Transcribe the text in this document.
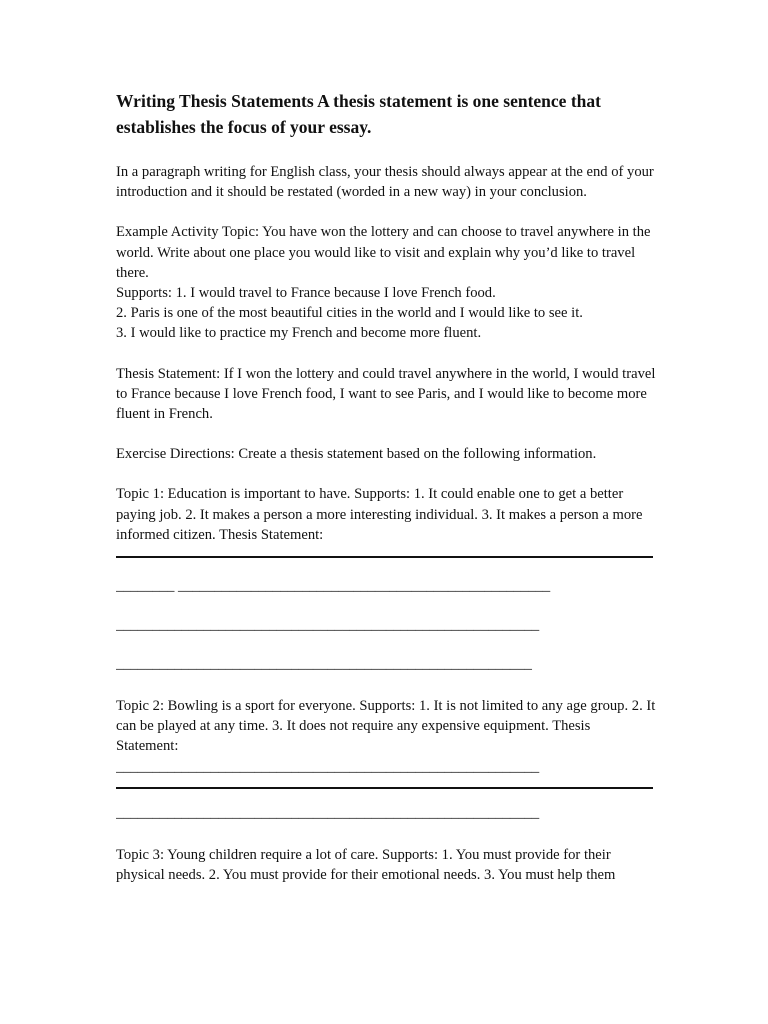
Writing Thesis Statements A thesis statement is one sentence that establishes the focus of your essay.

In a paragraph writing for English class, your thesis should always appear at the end of your introduction and it should be restated (worded in a new way) in your conclusion.

Example Activity Topic: You have won the lottery and can choose to travel anywhere in the world. Write about one place you would like to visit and explain why you’d like to travel there.

Supports: 1. I would travel to France because I love French food.
2. Paris is one of the most beautiful cities in the world and I would like to see it.
3. I would like to practice my French and become more fluent.

Thesis Statement: If I won the lottery and could travel anywhere in the world, I would travel to France because I love French food, I want to see Paris, and I would like to become more fluent in French.

Exercise Directions: Create a thesis statement based on the following information.

Topic 1: Education is important to have. Supports: 1. It could enable one to get a better paying job. 2. It makes a person a more interesting individual. 3. It makes a person a more informed citizen. Thesis Statement:

________ ___________________________________________________
__________________________________________________________
_________________________________________________________

Topic 2: Bowling is a sport for everyone. Supports: 1. It is not limited to any age group. 2. It can be played at any time. 3. It does not require any expensive equipment. Thesis Statement:

__________________________________________________________
__________________________________________________________

Topic 3: Young children require a lot of care. Supports: 1. You must provide for their physical needs. 2. You must provide for their emotional needs. 3. You must help them
